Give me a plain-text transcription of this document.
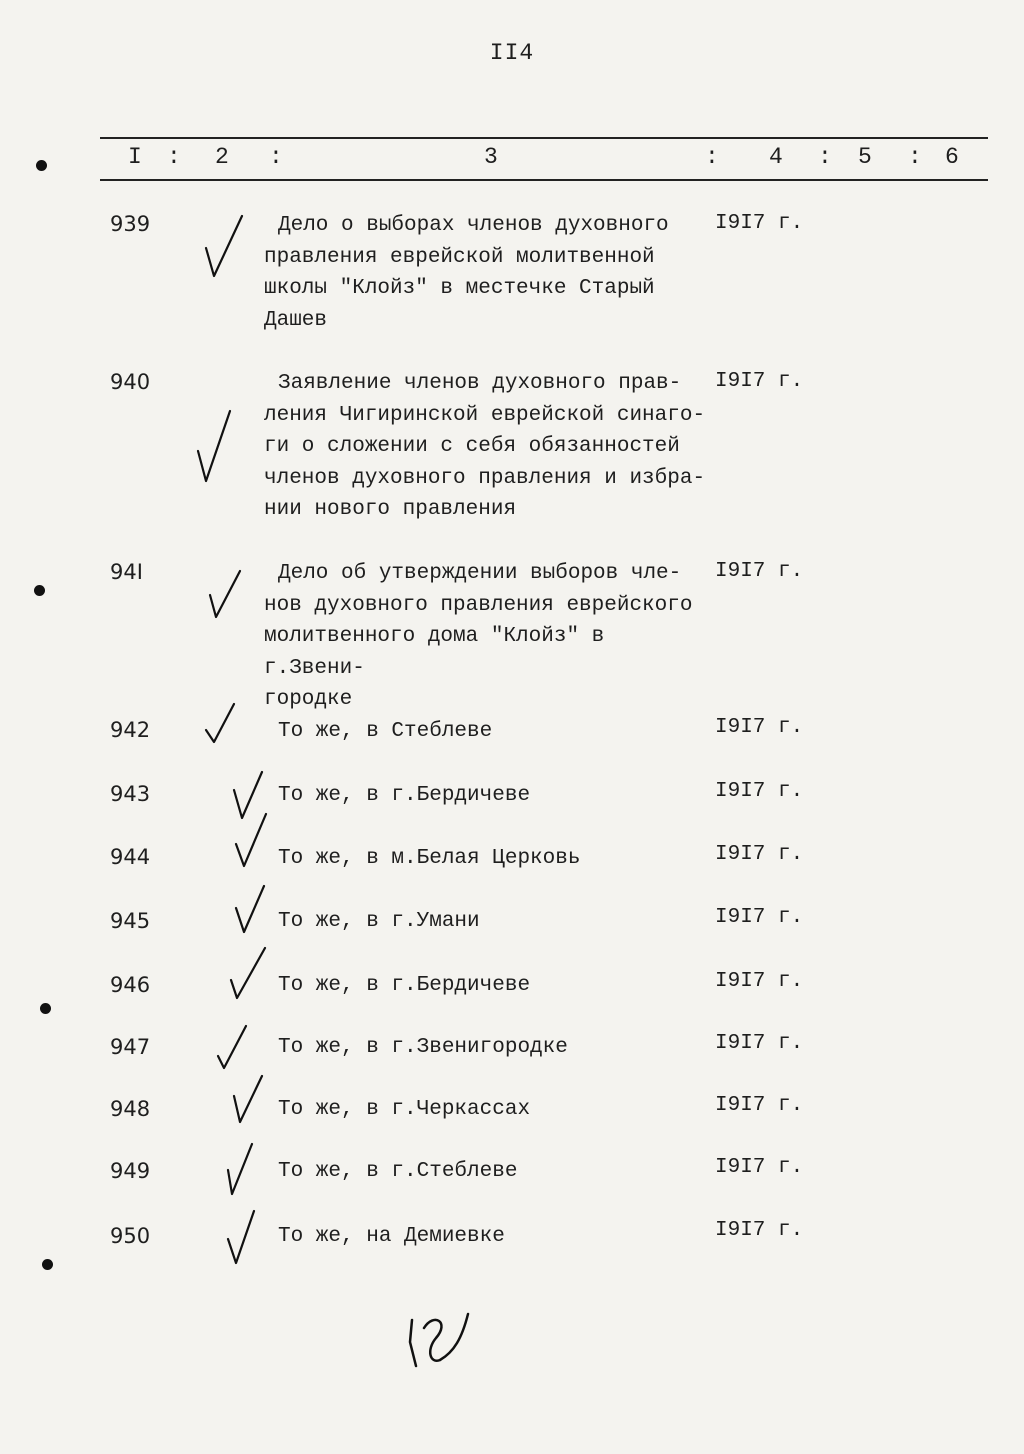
II4
I : 2 :	3	: 4 : 5 : 6
939	Дело о выборах членов духовного
правления еврейской молитвенной
школы "Клойз" в местечке Старый
Дашев

I9I7 г.
940	Заявление членов духовного прав-
ления Чигиринской еврейской синаго-
ги о сложении с себя обязанностей
членов духовного правления и избра-
нии нового правления

I9I7 г.
94I	Дело об утверждении выборов чле-
нов духовного правления еврейского
молитвенного дома "Клойз" в г.Звени-
городке

I9I7 г.
942	То же, в Стеблеве	I9I7 г.
943	То же, в г.Бердичеве	I9I7 г.
944	То же, в м.Белая Церковь	I9I7 г.
945	То же, в г.Умани	I9I7 г.
946	То же, в г.Бердичеве	I9I7 г.
947	То же, в г.Звенигородке	I9I7 г.
948	То же, в г.Черкассах	I9I7 г.
949	То же, в г.Стеблеве	I9I7 г.
950	То же, на Демиевке	I9I7 г.
